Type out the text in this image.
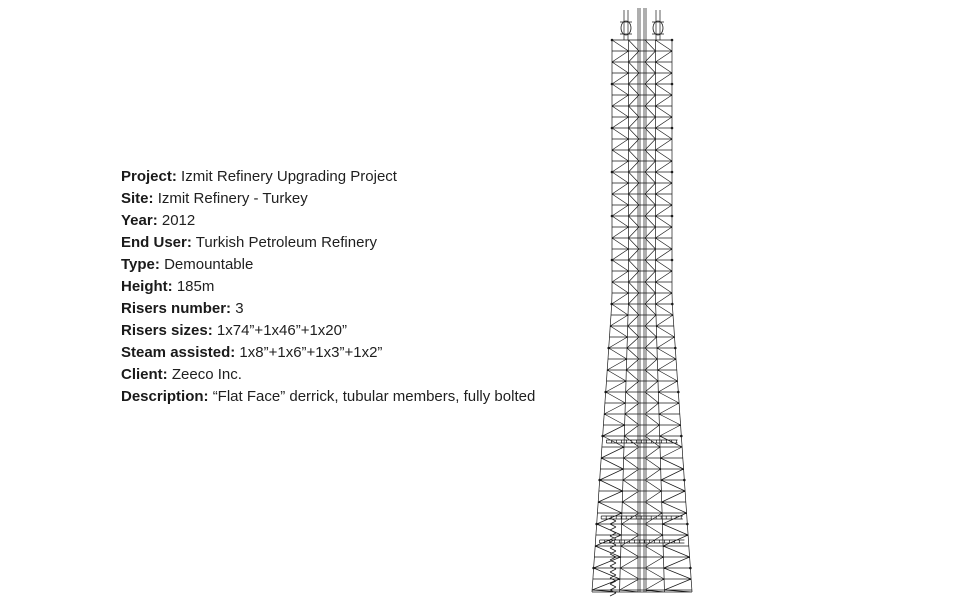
Project: Izmit Refinery Upgrading Project

Site: Izmit Refinery - Turkey

Year: 2012

End User: Turkish Petroleum Refinery

Type: Demountable

Height: 185m

Risers number: 3

Risers sizes: 1x74”+1x46”+1x20”

Steam assisted: 1x8”+1x6”+1x3”+1x2”

Client: Zeeco Inc.

Description: “Flat Face” derrick, tubular members, fully bolted
